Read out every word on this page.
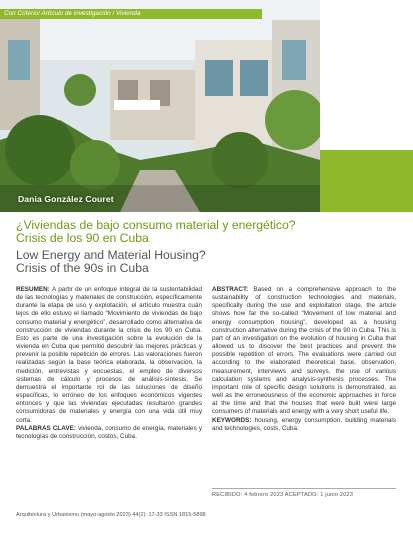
Con Criterio/ Artículo de investigación / Vivienda
Dania González Couret
¿Viviendas de bajo consumo material y energético?
Crisis de los 90 en Cuba
Low Energy and Material Housing?
Crisis of the 90s in Cuba
RESUMEN: A partir de un enfoque integral de la sustentabilidad de las tecnologías y materiales de construcción, específicamente durante la etapa de uso y explotación, el artículo muestra cuán lejos de ello estuvo el llamado “Movimiento de viviendas de bajo consumo material y energético”, desarrollado como alternativa de construcción de viviendas durante la crisis de los 90 en Cuba. Esto es parte de una investigación sobre la evolución de la vivienda en Cuba que permitió descubrir las mejores prácticas y prevenir la posible repetición de errores. Las valoraciones fueron realizadas según la base teórica elaborada, la observación, la medición, entrevistas y encuestas, el empleo de diversos sistemas de cálculo y procesos de análisis-síntesis. Se demuestra el importante rol de las soluciones de diseño específicas, lo erróneo de los enfoques económicos vigentes entonces y que las viviendas ejecutadas resultaron grandes consumidoras de materiales y energía con una vida útil muy corta.
PALABRAS CLAVE: vivienda, consumo de energía, materiales y tecnologías de construcción, costos, Cuba.
ABSTRACT: Based on a comprehensive approach to the sustainability of construction technologies and materials, specifically during the use and exploitation stage, the article shows how far the so-called “Movement of low material and energy consumption housing”, developed as a housing construction alternative during the crisis of the 90 in Cuba. This is part of an investigation on the evolution of housing in Cuba that allowed us to discover the best practices and prevent the possible repetition of errors. The evaluations were carried out according to the elaborated theoretical base, observation, measurement, interviews and surveys, the use of various calculation systems and analysis-synthesis processes. The important role of specific design solutions is demonstrated, as well as the erroneousness of the economic approaches in force at the time and that the houses that were built were large consumers of materials and energy with a very short useful life.
KEYWORDS: housing, energy consumption, building materials and technologies, costs, Cuba.
RECIBIDO: 4 febrero 2023 ACEPTADO: 1 junio 2023
Arquitectura y Urbanismo (mayo-agosto 2023) 44(2): 17-33 ISSN 1815-5898
